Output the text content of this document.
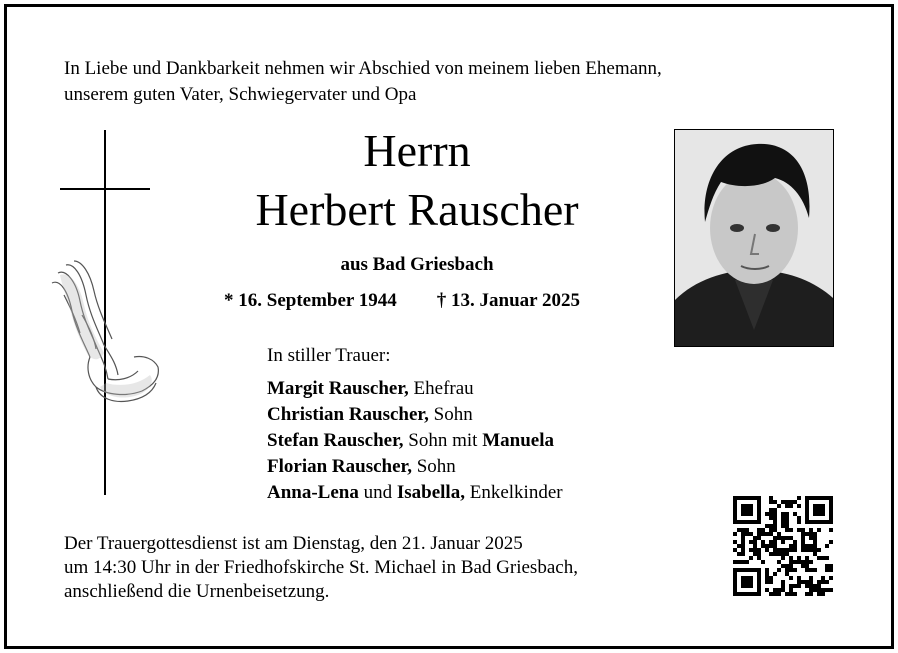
In Liebe und Dankbarkeit nehmen wir Abschied von meinem lieben Ehemann,
unserem guten Vater, Schwiegervater und Opa
Herrn
Herbert Rauscher
aus Bad Griesbach
* 16. September 1944 † 13. Januar 2025
In stiller Trauer:
Margit Rauscher, Ehefrau
Christian Rauscher, Sohn
Stefan Rauscher, Sohn mit Manuela
Florian Rauscher, Sohn
Anna-Lena und Isabella, Enkelkinder
Der Trauergottesdienst ist am Dienstag, den 21. Januar 2025
um 14:30 Uhr in der Friedhofskirche St. Michael in Bad Griesbach,
anschließend die Urnenbeisetzung.
